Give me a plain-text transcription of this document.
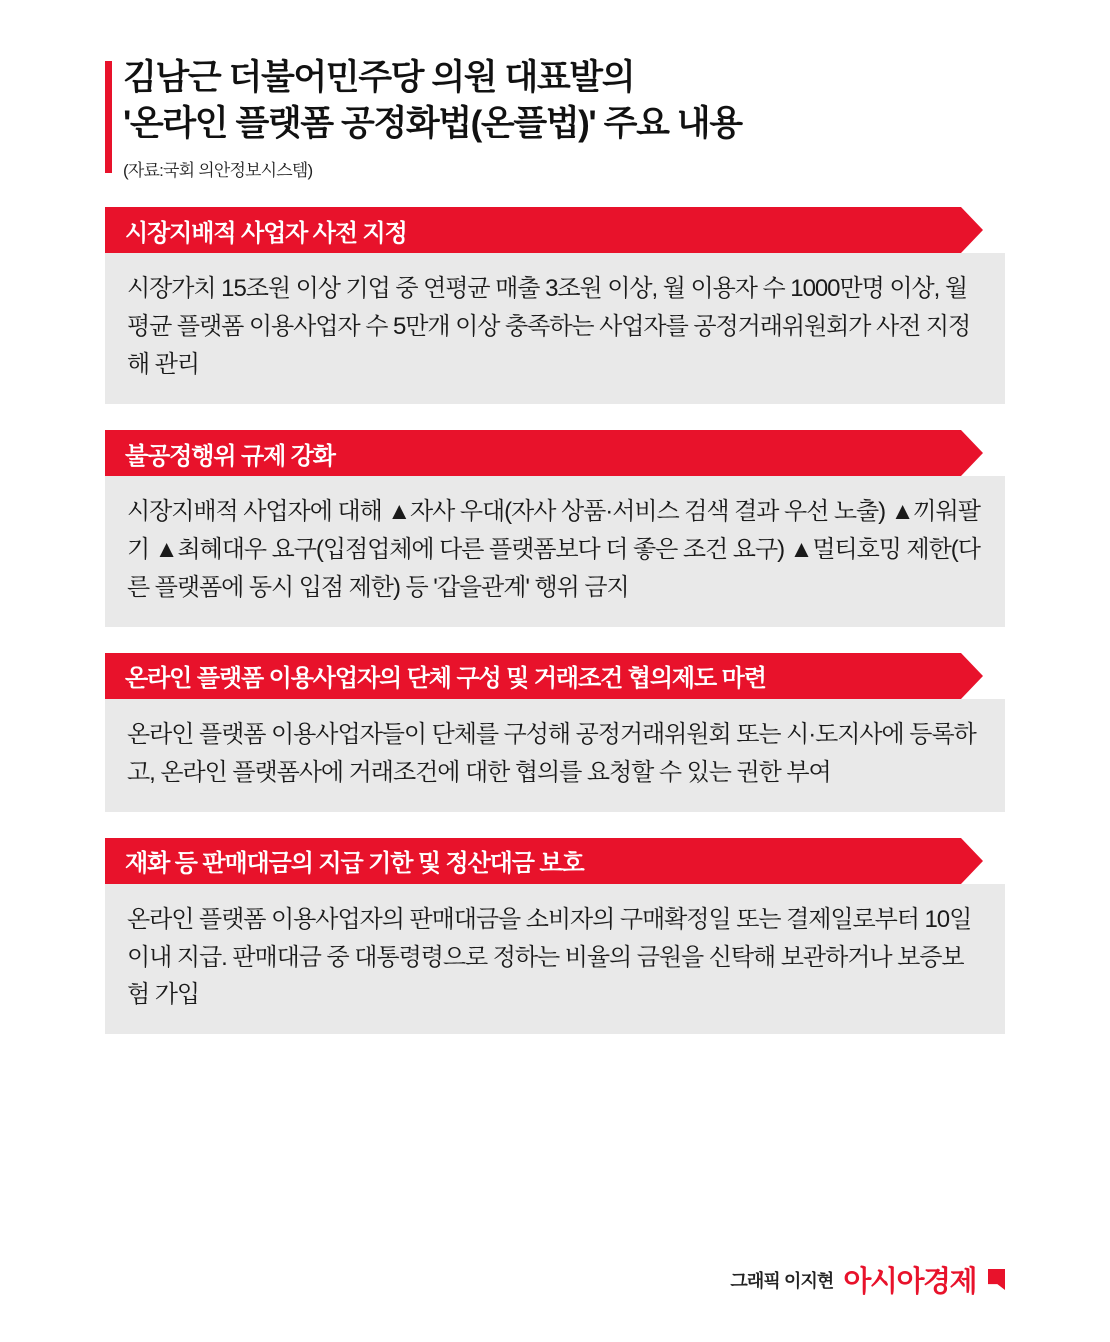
김남근 더불어민주당 의원 대표발의
'온라인 플랫폼 공정화법(온플법)' 주요 내용
(자료:국회 의안정보시스템)
시장지배적 사업자 사전 지정

시장가치 15조원 이상 기업 중 연평균 매출 3조원 이상, 월 이용자 수 1000만명 이상, 월평균 플랫폼 이용사업자 수 5만개 이상 충족하는 사업자를 공정거래위원회가 사전 지정해 관리

불공정행위 규제 강화

시장지배적 사업자에 대해 ▲자사 우대(자사 상품·서비스 검색 결과 우선 노출) ▲끼워팔기 ▲최혜대우 요구(입점업체에 다른 플랫폼보다 더 좋은 조건 요구) ▲멀티호밍 제한(다른 플랫폼에 동시 입점 제한) 등 '갑을관계' 행위 금지

온라인 플랫폼 이용사업자의 단체 구성 및 거래조건 협의제도 마련

온라인 플랫폼 이용사업자들이 단체를 구성해 공정거래위원회 또는 시·도지사에 등록하고, 온라인 플랫폼사에 거래조건에 대한 협의를 요청할 수 있는 권한 부여

재화 등 판매대금의 지급 기한 및 정산대금 보호

온라인 플랫폼 이용사업자의 판매대금을 소비자의 구매확정일 또는 결제일로부터 10일 이내 지급. 판매대금 중 대통령령으로 정하는 비율의 금원을 신탁해 보관하거나 보증보험 가입

그래픽 이지현 아시아경제
